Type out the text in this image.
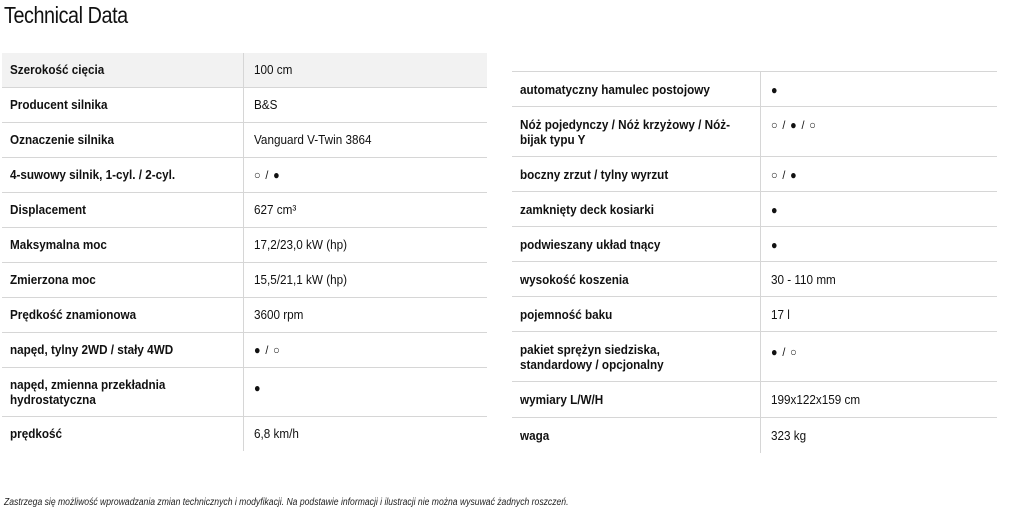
Technical Data
Szerokość cięcia	100 cm
Producent silnika	B&S
Oznaczenie silnika	Vanguard V-Twin 3864
4-suwowy silnik, 1-cyl. / 2-cyl.	○ / ●
Displacement	627 cm³
Maksymalna moc	17,2/23,0 kW (hp)
Zmierzona moc	15,5/21,1 kW (hp)
Prędkość znamionowa	3600 rpm
napęd, tylny 2WD / stały 4WD	● / ○
napęd, zmienna przekładnia hydrostatyczna	●
prędkość	6,8 km/h
automatyczny hamulec postojowy	●
Nóż pojedynczy / Nóż krzyżowy / Nóż-bijak typu Y	○ / ● / ○
boczny zrzut / tylny wyrzut	○ / ●
zamknięty deck kosiarki	●
podwieszany układ tnący	●
wysokość koszenia	30 - 110 mm
pojemność baku	17 l
pakiet sprężyn siedziska, standardowy / opcjonalny	● / ○
wymiary L/W/H	199x122x159 cm
waga	323 kg
Zastrzega się możliwość wprowadzania zmian technicznych i modyfikacji. Na podstawie informacji i ilustracji nie można wysuwać żadnych roszczeń.
